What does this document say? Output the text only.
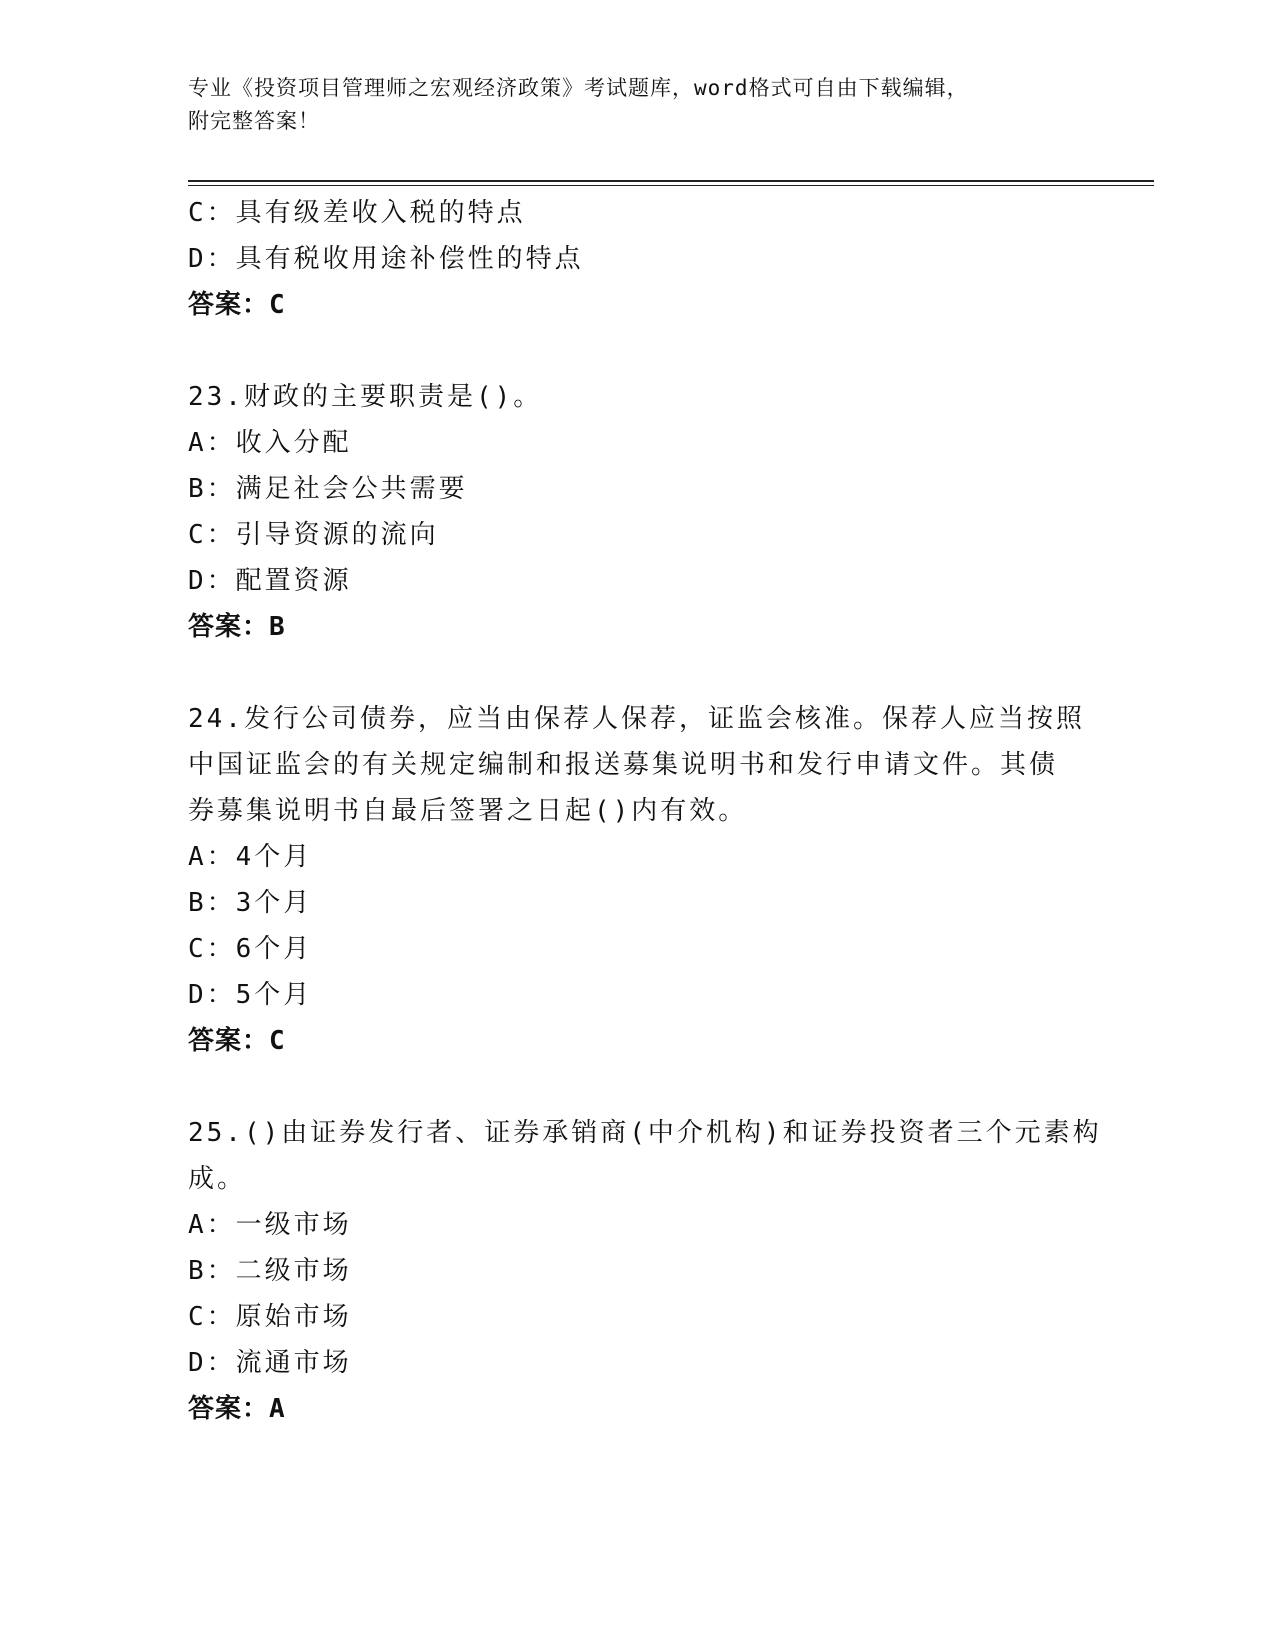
专业《投资项目管理师之宏观经济政策》考试题库，word格式可自由下载编辑，
附完整答案！
C：具有级差收入税的特点
D：具有税收用途补偿性的特点
答案：C
23.财政的主要职责是()。
A：收入分配
B：满足社会公共需要
C：引导资源的流向
D：配置资源
答案：B
24.发行公司债券，应当由保荐人保荐，证监会核准。保荐人应当按照
中国证监会的有关规定编制和报送募集说明书和发行申请文件。其债
券募集说明书自最后签署之日起()内有效。
A：4个月
B：3个月
C：6个月
D：5个月
答案：C
25.()由证券发行者、证券承销商(中介机构)和证券投资者三个元素构
成。
A：一级市场
B：二级市场
C：原始市场
D：流通市场
答案：A
